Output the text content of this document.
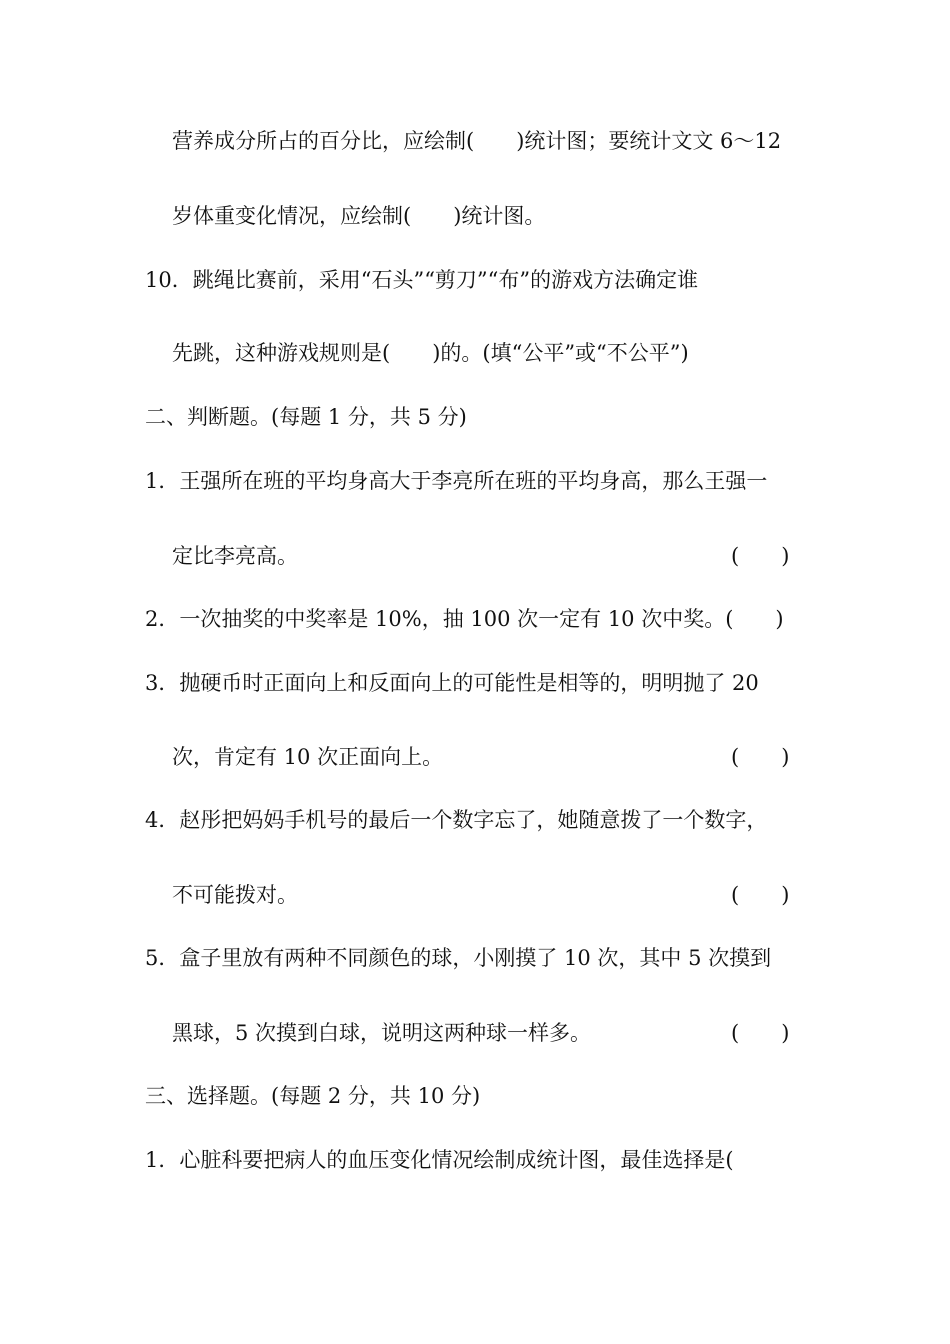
营养成分所占的百分比，应绘制(　　)统计图；要统计文文 6～12
岁体重变化情况，应绘制(　　)统计图。
10．跳绳比赛前，采用“石头”“剪刀”“布”的游戏方法确定谁
先跳，这种游戏规则是(　　)的。(填“公平”或“不公平”)
二、判断题。(每题 1 分，共 5 分)
1．王强所在班的平均身高大于李亮所在班的平均身高，那么王强一
定比李亮高。	(　　)
2．一次抽奖的中奖率是 10%，抽 100 次一定有 10 次中奖。(　　)
3．抛硬币时正面向上和反面向上的可能性是相等的，明明抛了 20
次，肯定有 10 次正面向上。	(　　)
4．赵彤把妈妈手机号的最后一个数字忘了，她随意拨了一个数字，
不可能拨对。	(　　)
5．盒子里放有两种不同颜色的球，小刚摸了 10 次，其中 5 次摸到
黑球，5 次摸到白球，说明这两种球一样多。	(　　)
三、选择题。(每题 2 分，共 10 分)
1．心脏科要把病人的血压变化情况绘制成统计图，最佳选择是(
